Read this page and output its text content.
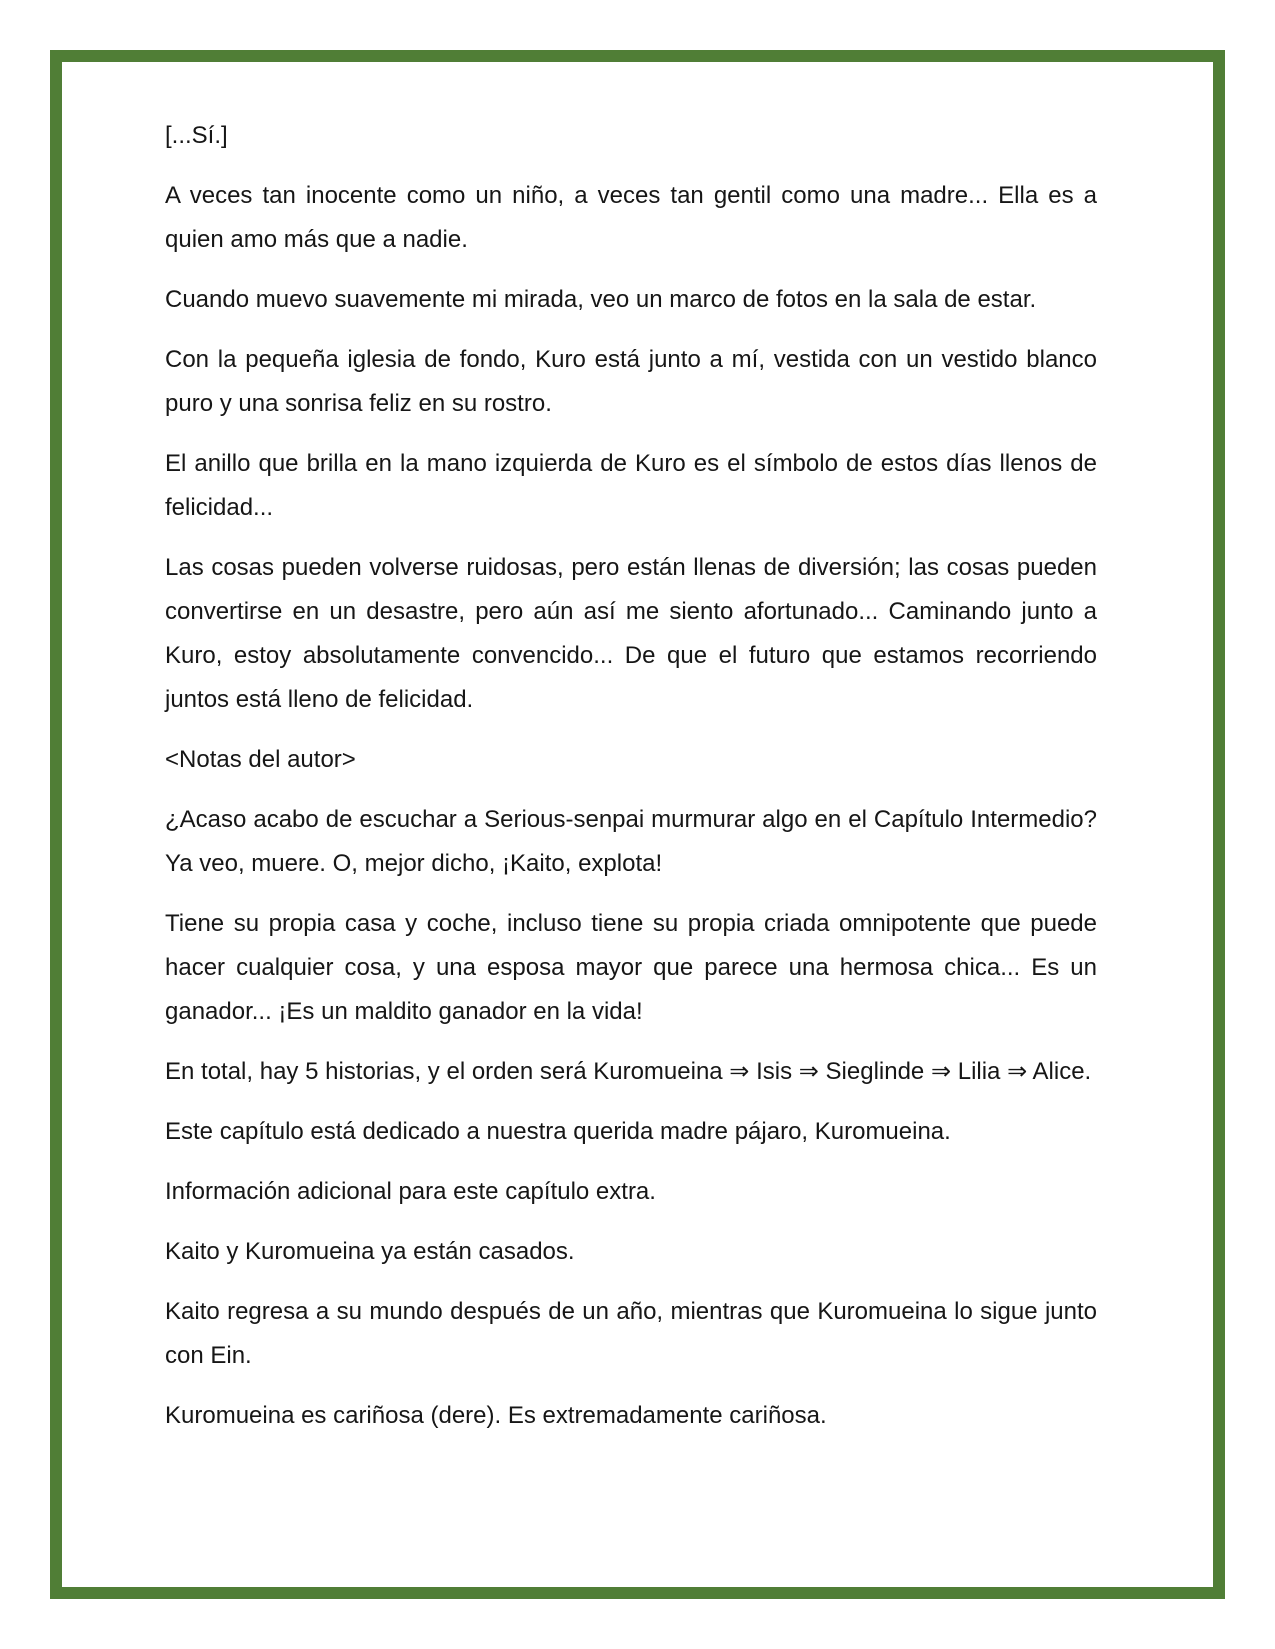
[...Sí.]

A veces tan inocente como un niño, a veces tan gentil como una madre... Ella es a quien amo más que a nadie.

Cuando muevo suavemente mi mirada, veo un marco de fotos en la sala de estar.

Con la pequeña iglesia de fondo, Kuro está junto a mí, vestida con un vestido blanco puro y una sonrisa feliz en su rostro.

El anillo que brilla en la mano izquierda de Kuro es el símbolo de estos días llenos de felicidad...

Las cosas pueden volverse ruidosas, pero están llenas de diversión; las cosas pueden convertirse en un desastre, pero aún así me siento afortunado... Caminando junto a Kuro, estoy absolutamente convencido... De que el futuro que estamos recorriendo juntos está lleno de felicidad.

<Notas del autor>

¿Acaso acabo de escuchar a Serious-senpai murmurar algo en el Capítulo Intermedio? Ya veo, muere. O, mejor dicho, ¡Kaito, explota!

Tiene su propia casa y coche, incluso tiene su propia criada omnipotente que puede hacer cualquier cosa, y una esposa mayor que parece una hermosa chica... Es un ganador... ¡Es un maldito ganador en la vida!

En total, hay 5 historias, y el orden será Kuromueina ⇒ Isis ⇒ Sieglinde ⇒ Lilia ⇒ Alice.

Este capítulo está dedicado a nuestra querida madre pájaro, Kuromueina.

Información adicional para este capítulo extra.

Kaito y Kuromueina ya están casados.

Kaito regresa a su mundo después de un año, mientras que Kuromueina lo sigue junto con Ein.

Kuromueina es cariñosa (dere). Es extremadamente cariñosa.
